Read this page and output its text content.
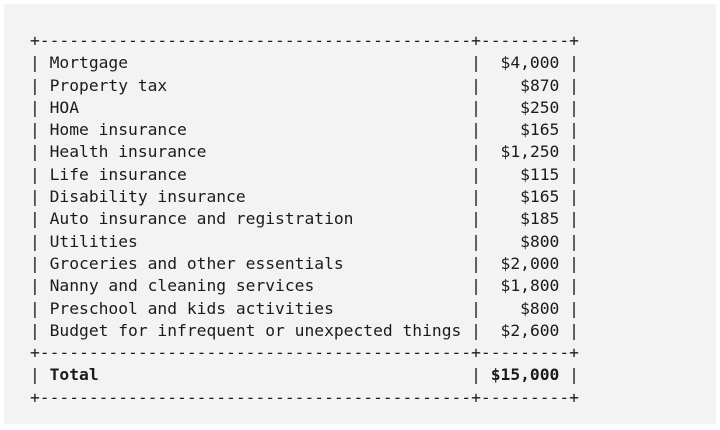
+--------------------------------------------+---------+
| Mortgage                                   |  $4,000 |
| Property tax                               |    $870 |
| HOA                                        |    $250 |
| Home insurance                             |    $165 |
| Health insurance                           |  $1,250 |
| Life insurance                             |    $115 |
| Disability insurance                       |    $165 |
| Auto insurance and registration            |    $185 |
| Utilities                                  |    $800 |
| Groceries and other essentials             |  $2,000 |
| Nanny and cleaning services                |  $1,800 |
| Preschool and kids activities              |    $800 |
| Budget for infrequent or unexpected things |  $2,600 |
+--------------------------------------------+---------+
| Total                                      | $15,000 |
+--------------------------------------------+---------+
